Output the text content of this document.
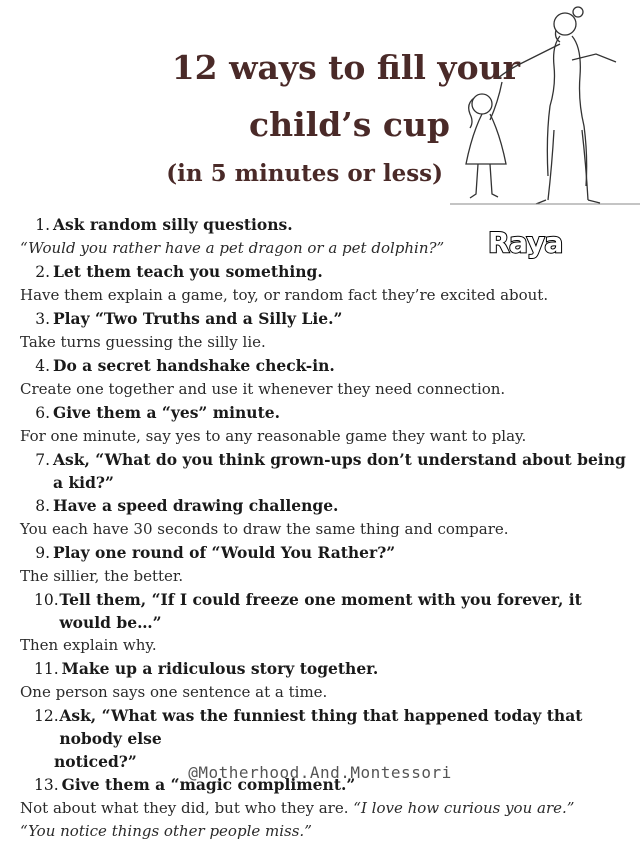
12 ways to fill your
child’s cup
(in 5 minutes or less)
Raya
1. Ask random silly questions.
“Would you rather have a pet dragon or a pet dolphin?”
2. Let them teach you something.
Have them explain a game, toy, or random fact they’re excited about.
3. Play “Two Truths and a Silly Lie.”
Take turns guessing the silly lie.
4. Do a secret handshake check-in.
Create one together and use it whenever they need connection.
6. Give them a “yes” minute.
For one minute, say yes to any reasonable game they want to play.
7. Ask, “What do you think grown-ups don’t understand about being a kid?”
8. Have a speed drawing challenge.
You each have 30 seconds to draw the same thing and compare.
9. Play one round of “Would You Rather?”
The sillier, the better.
10. Tell them, “If I could freeze one moment with you forever, it would be…”
Then explain why.
11. Make up a ridiculous story together.
One person says one sentence at a time.
12. Ask, “What was the funniest thing that happened today that nobody else
noticed?”
13. Give them a “magic compliment.”
Not about what they did, but who they are. “I love how curious you are.”
“You notice things other people miss.”
@Motherhood.And.Montessori
